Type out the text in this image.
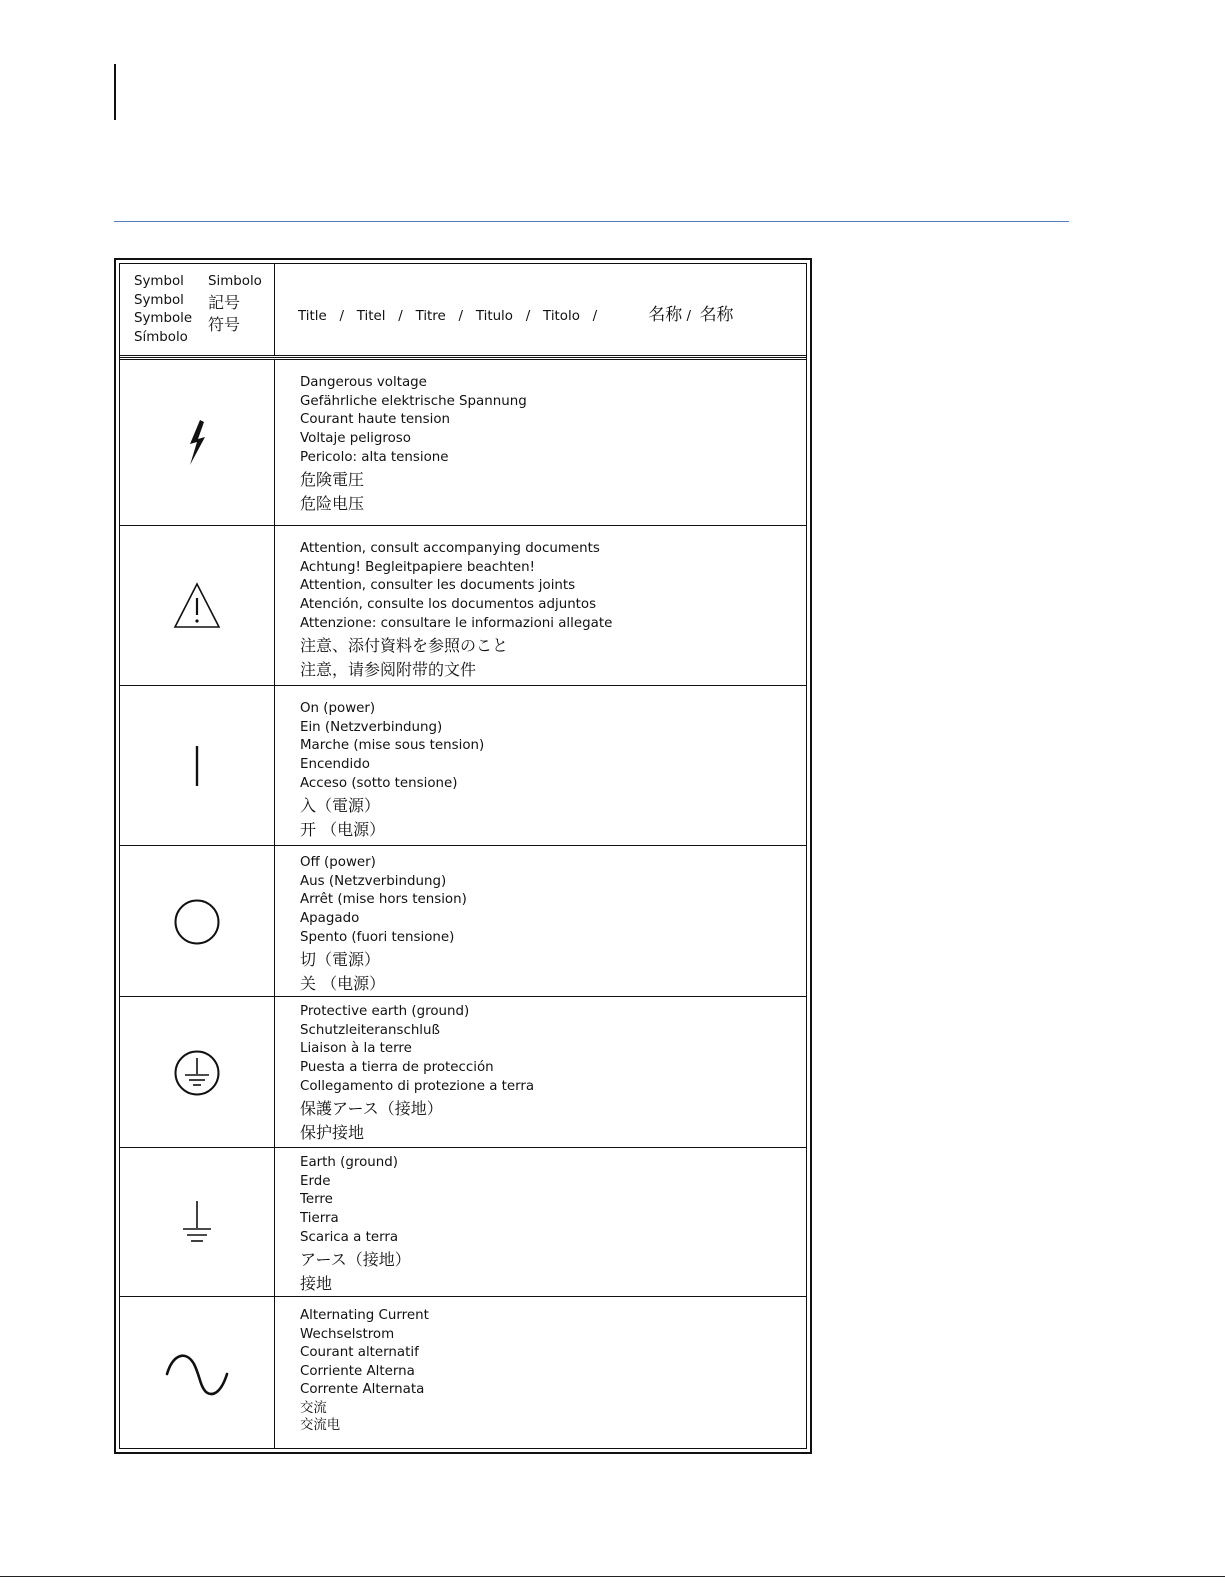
Symbol
Symbol
Symbole
Símbolo
Simbolo
記号
符号	Title / Titel / Titre / Titulo / Titolo /	名称 / 名称
Dangerous voltage
Gefährliche elektrische Spannung
Courant haute tension
Voltaje peligroso
Pericolo: alta tensione
危険電圧
危险电压
Attention, consult accompanying documents
Achtung! Begleitpapiere beachten!
Attention, consulter les documents joints
Atención, consulte los documentos adjuntos
Attenzione: consultare le informazioni allegate
注意、添付資料を参照のこと
注意，请参阅附带的文件
On (power)
Ein (Netzverbindung)
Marche (mise sous tension)
Encendido
Acceso (sotto tensione)
入（電源）
开 （电源）
Off (power)
Aus (Netzverbindung)
Arrêt (mise hors tension)
Apagado
Spento (fuori tensione)
切（電源）
关 （电源）
Protective earth (ground)
Schutzleiteranschluß
Liaison à la terre
Puesta a tierra de protección
Collegamento di protezione a terra
保護アース（接地）
保护接地
Earth (ground)
Erde
Terre
Tierra
Scarica a terra
アース（接地）
接地
Alternating Current
Wechselstrom
Courant alternatif
Corriente Alterna
Corrente Alternata
交流
交流电
